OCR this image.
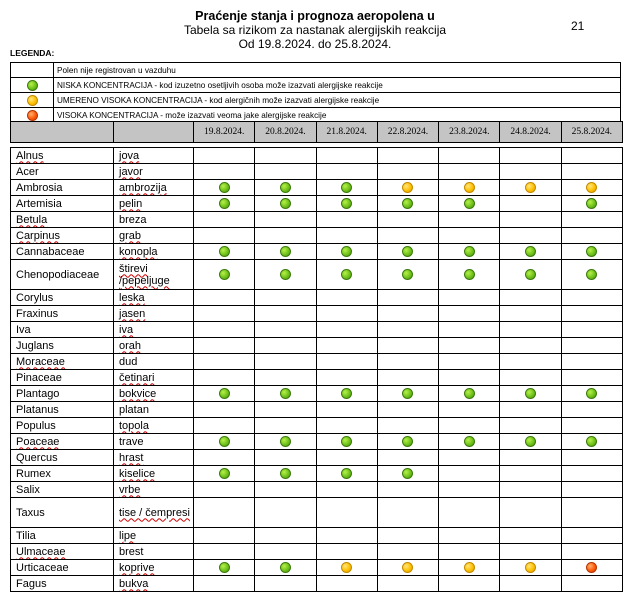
Praćenje stanja i prognoza aeropolena u
Tabela sa rizikom za nastanak alergijskih reakcija
Od 19.8.2024. do 25.8.2024.
21
LEGENDA:
	Polen nije registrovan u vazduhu
	NISKA KONCENTRACIJA - kod izuzetno osetljivih osoba može izazvati alergijske reakcije
	UMERENO VISOKA KONCENTRACIJA - kod alergičnih može izazvati alergijske reakcije
	VISOKA KONCENTRACIJA - može izazvati veoma jake alergijske reakcije
		19.8.2024.	20.8.2024.	21.8.2024.	22.8.2024.	23.8.2024.	24.8.2024.	25.8.2024.

Alnus	jova							
Acer	javor							
Ambrosia	ambrozija							
Artemisia	pelin							
Betula	breza							
Carpinus	grab							
Cannabaceae	konopla							
Chenopodiaceae	štirevi /pepeljuge							
Corylus	leska							
Fraxinus	jasen							
Iva	iva							
Juglans	orah							
Moraceae	dud							
Pinaceae	četinari							
Plantago	bokvice							
Platanus	platan							
Populus	topola							
Poaceae	trave							
Quercus	hrast							
Rumex	kiselice							
Salix	vrbe							
Taxus	tise / čempresi							
Tilia	lipe							
Ulmaceae	brest							
Urticaceae	koprive							
Fagus	bukva							
